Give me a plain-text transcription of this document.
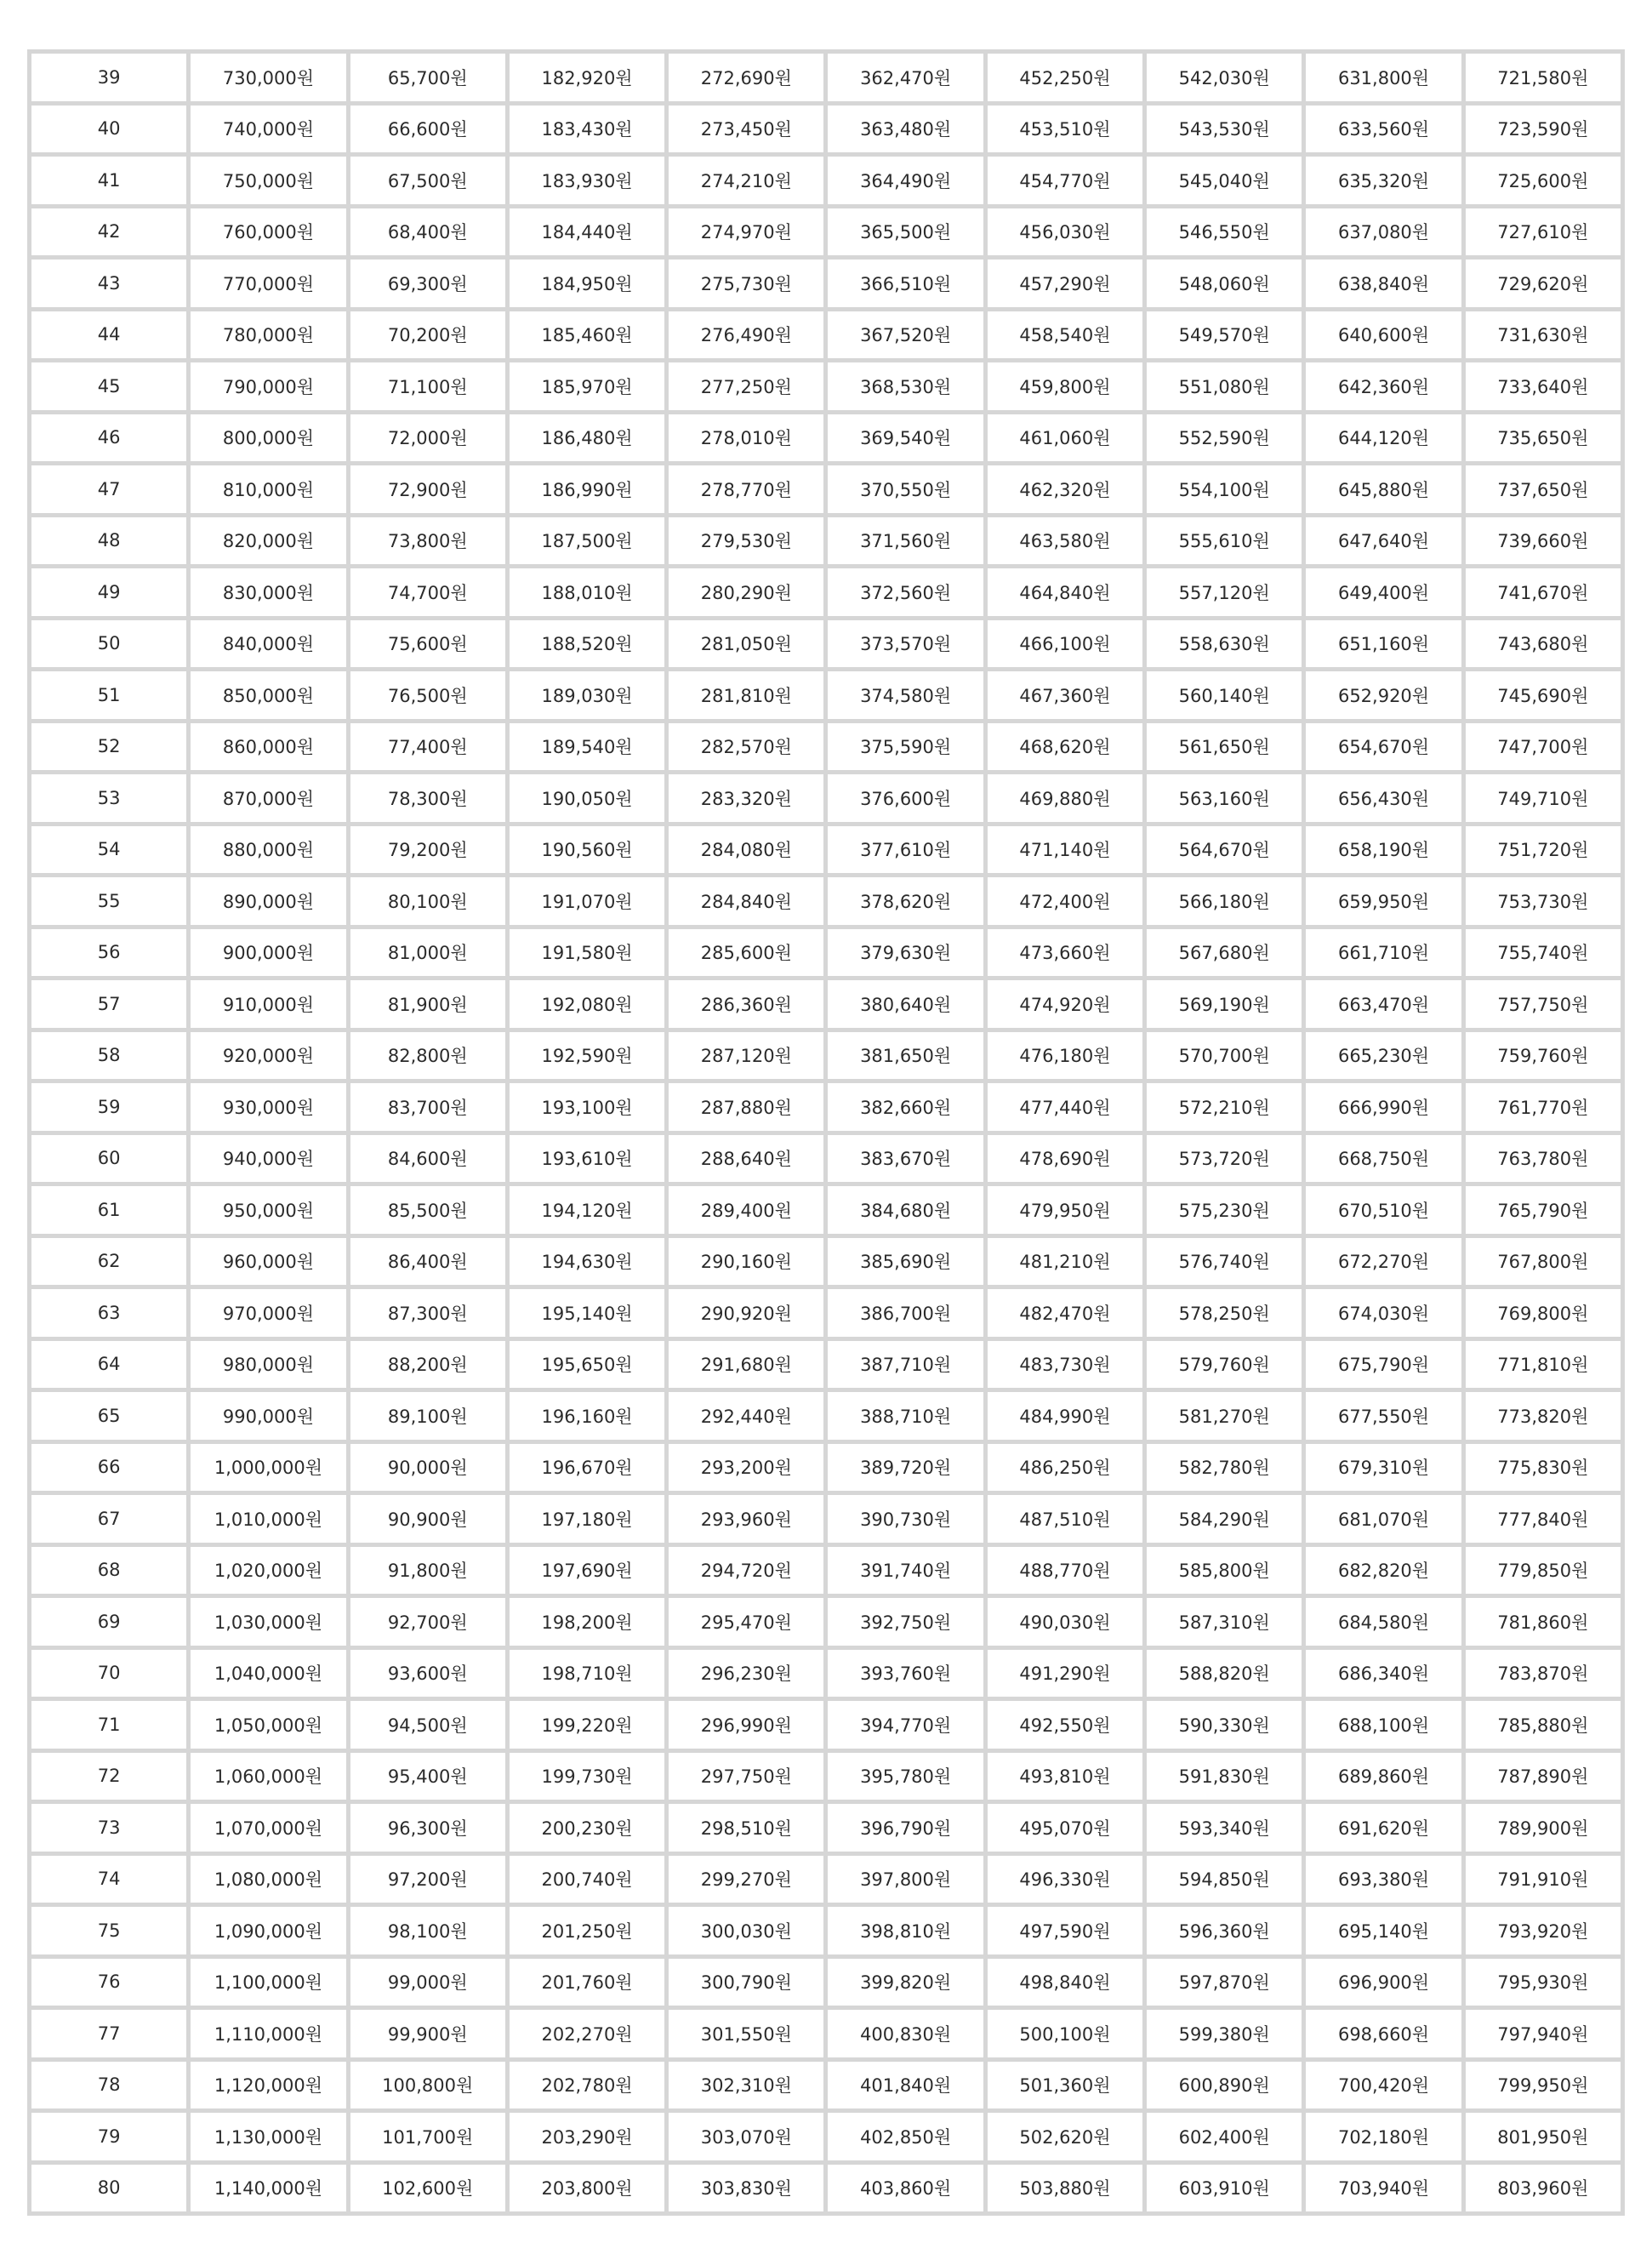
39	730,000원	65,700원	182,920원	272,690원	362,470원	452,250원	542,030원	631,800원	721,580원
40	740,000원	66,600원	183,430원	273,450원	363,480원	453,510원	543,530원	633,560원	723,590원
41	750,000원	67,500원	183,930원	274,210원	364,490원	454,770원	545,040원	635,320원	725,600원
42	760,000원	68,400원	184,440원	274,970원	365,500원	456,030원	546,550원	637,080원	727,610원
43	770,000원	69,300원	184,950원	275,730원	366,510원	457,290원	548,060원	638,840원	729,620원
44	780,000원	70,200원	185,460원	276,490원	367,520원	458,540원	549,570원	640,600원	731,630원
45	790,000원	71,100원	185,970원	277,250원	368,530원	459,800원	551,080원	642,360원	733,640원
46	800,000원	72,000원	186,480원	278,010원	369,540원	461,060원	552,590원	644,120원	735,650원
47	810,000원	72,900원	186,990원	278,770원	370,550원	462,320원	554,100원	645,880원	737,650원
48	820,000원	73,800원	187,500원	279,530원	371,560원	463,580원	555,610원	647,640원	739,660원
49	830,000원	74,700원	188,010원	280,290원	372,560원	464,840원	557,120원	649,400원	741,670원
50	840,000원	75,600원	188,520원	281,050원	373,570원	466,100원	558,630원	651,160원	743,680원
51	850,000원	76,500원	189,030원	281,810원	374,580원	467,360원	560,140원	652,920원	745,690원
52	860,000원	77,400원	189,540원	282,570원	375,590원	468,620원	561,650원	654,670원	747,700원
53	870,000원	78,300원	190,050원	283,320원	376,600원	469,880원	563,160원	656,430원	749,710원
54	880,000원	79,200원	190,560원	284,080원	377,610원	471,140원	564,670원	658,190원	751,720원
55	890,000원	80,100원	191,070원	284,840원	378,620원	472,400원	566,180원	659,950원	753,730원
56	900,000원	81,000원	191,580원	285,600원	379,630원	473,660원	567,680원	661,710원	755,740원
57	910,000원	81,900원	192,080원	286,360원	380,640원	474,920원	569,190원	663,470원	757,750원
58	920,000원	82,800원	192,590원	287,120원	381,650원	476,180원	570,700원	665,230원	759,760원
59	930,000원	83,700원	193,100원	287,880원	382,660원	477,440원	572,210원	666,990원	761,770원
60	940,000원	84,600원	193,610원	288,640원	383,670원	478,690원	573,720원	668,750원	763,780원
61	950,000원	85,500원	194,120원	289,400원	384,680원	479,950원	575,230원	670,510원	765,790원
62	960,000원	86,400원	194,630원	290,160원	385,690원	481,210원	576,740원	672,270원	767,800원
63	970,000원	87,300원	195,140원	290,920원	386,700원	482,470원	578,250원	674,030원	769,800원
64	980,000원	88,200원	195,650원	291,680원	387,710원	483,730원	579,760원	675,790원	771,810원
65	990,000원	89,100원	196,160원	292,440원	388,710원	484,990원	581,270원	677,550원	773,820원
66	1,000,000원	90,000원	196,670원	293,200원	389,720원	486,250원	582,780원	679,310원	775,830원
67	1,010,000원	90,900원	197,180원	293,960원	390,730원	487,510원	584,290원	681,070원	777,840원
68	1,020,000원	91,800원	197,690원	294,720원	391,740원	488,770원	585,800원	682,820원	779,850원
69	1,030,000원	92,700원	198,200원	295,470원	392,750원	490,030원	587,310원	684,580원	781,860원
70	1,040,000원	93,600원	198,710원	296,230원	393,760원	491,290원	588,820원	686,340원	783,870원
71	1,050,000원	94,500원	199,220원	296,990원	394,770원	492,550원	590,330원	688,100원	785,880원
72	1,060,000원	95,400원	199,730원	297,750원	395,780원	493,810원	591,830원	689,860원	787,890원
73	1,070,000원	96,300원	200,230원	298,510원	396,790원	495,070원	593,340원	691,620원	789,900원
74	1,080,000원	97,200원	200,740원	299,270원	397,800원	496,330원	594,850원	693,380원	791,910원
75	1,090,000원	98,100원	201,250원	300,030원	398,810원	497,590원	596,360원	695,140원	793,920원
76	1,100,000원	99,000원	201,760원	300,790원	399,820원	498,840원	597,870원	696,900원	795,930원
77	1,110,000원	99,900원	202,270원	301,550원	400,830원	500,100원	599,380원	698,660원	797,940원
78	1,120,000원	100,800원	202,780원	302,310원	401,840원	501,360원	600,890원	700,420원	799,950원
79	1,130,000원	101,700원	203,290원	303,070원	402,850원	502,620원	602,400원	702,180원	801,950원
80	1,140,000원	102,600원	203,800원	303,830원	403,860원	503,880원	603,910원	703,940원	803,960원
